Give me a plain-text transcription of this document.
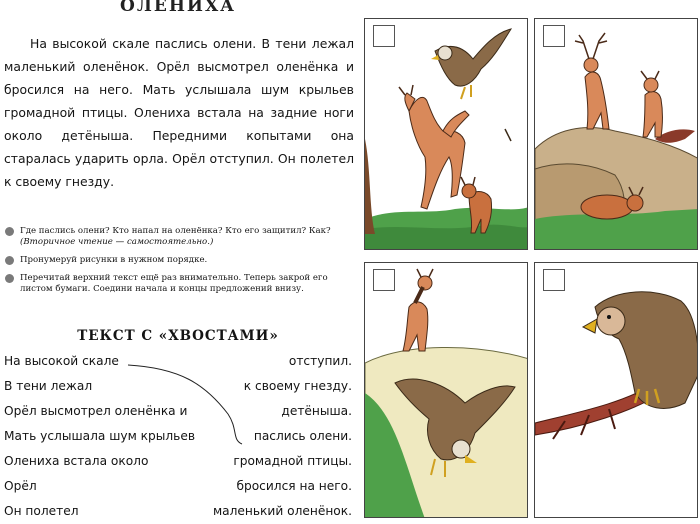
ОЛЕНИХА

На высокой скале паслись олени. В тени лежал маленький оленёнок. Орёл высмотрел оленёнка и бросился на него. Мать услышала шум крыльев громадной птицы. Олениха встала на задние ноги около детёныша. Передними копытами она старалась ударить орла. Орёл отступил. Он полетел к своему гнезду.

Где паслись олени? Кто напал на оленёнка? Кто его защитил? Как? (Вторичное чтение — самостоятельно.)
Пронумеруй рисунки в нужном порядке.
Перечитай верхний текст ещё раз внимательно. Теперь закрой его листом бумаги. Соедини начала и концы предложений внизу.
ТЕКСТ С «ХВОСТАМИ»
На высокой скале	отступил.
В тени лежал	к своему гнезду.
Орёл высмотрел оленёнка и	детёныша.
Мать услышала шум крыльев	паслись олени.
Олениха встала около	громадной птицы.
Орёл	бросился на него.
Он полетел	маленький оленёнок.
